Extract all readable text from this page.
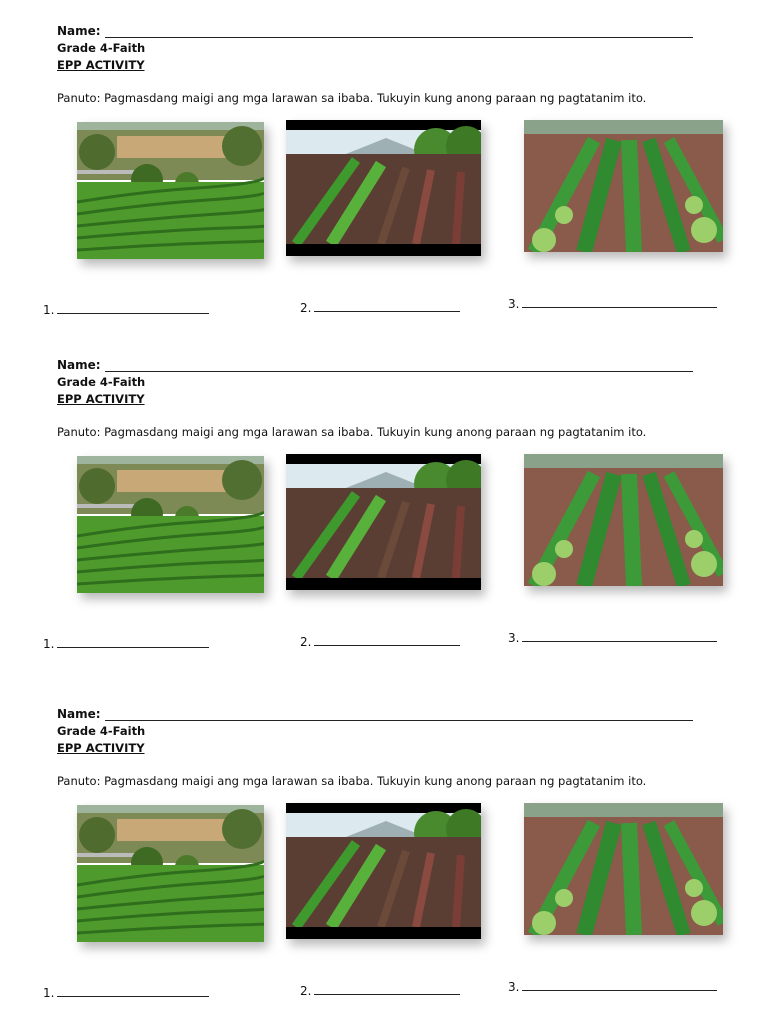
Name:
Grade 4-Faith
EPP ACTIVITY
Panuto: Pagmasdang maigi ang mga larawan sa ibaba. Tukuyin kung anong paraan ng pagtatanim ito.
1.	2.	3.
Name:
Grade 4-Faith
EPP ACTIVITY
Panuto: Pagmasdang maigi ang mga larawan sa ibaba. Tukuyin kung anong paraan ng pagtatanim ito.
1.	2.	3.
Name:
Grade 4-Faith
EPP ACTIVITY
Panuto: Pagmasdang maigi ang mga larawan sa ibaba. Tukuyin kung anong paraan ng pagtatanim ito.
1.	2.	3.
